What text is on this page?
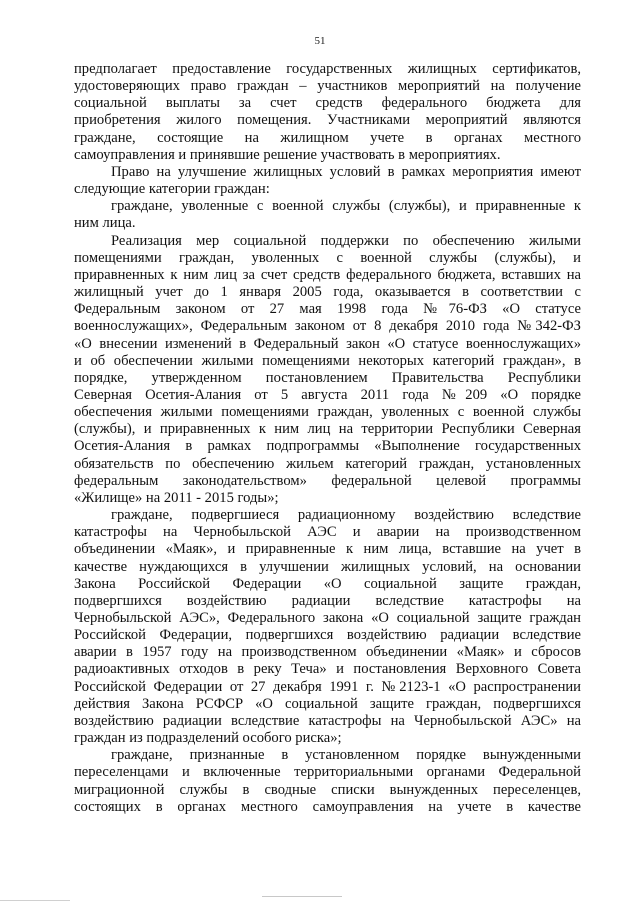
51

предполагает предоставление государственных жилищных сертификатов,
удостоверяющих право граждан – участников мероприятий на получение
социальной выплаты за счет средств федерального бюджета для
приобретения жилого помещения. Участниками мероприятий являются
граждане, состоящие на жилищном учете в органах местного
самоуправления и принявшие решение участвовать в мероприятиях.

Право на улучшение жилищных условий в рамках мероприятия имеют
следующие категории граждан:

граждане, уволенные с военной службы (службы), и приравненные к
ним лица.

Реализация мер социальной поддержки по обеспечению жилыми
помещениями граждан, уволенных с военной службы (службы), и
приравненных к ним лиц за счет средств федерального бюджета, вставших на
жилищный учет до 1 января 2005 года, оказывается в соответствии с
Федеральным законом от 27 мая 1998 года №76-ФЗ «О статусе
военнослужащих», Федеральным законом от 8 декабря 2010 года №342-ФЗ
«О внесении изменений в Федеральный закон «О статусе военнослужащих»
и об обеспечении жилыми помещениями некоторых категорий граждан», в
порядке, утвержденном постановлением Правительства Республики
Северная Осетия-Алания от 5 августа 2011 года №209 «О порядке
обеспечения жилыми помещениями граждан, уволенных с военной службы
(службы), и приравненных к ним лиц на территории Республики Северная
Осетия-Алания в рамках подпрограммы «Выполнение государственных
обязательств по обеспечению жильем категорий граждан, установленных
федеральным законодательством» федеральной целевой программы
«Жилище» на 2011 - 2015 годы»;

граждане, подвергшиеся радиационному воздействию вследствие
катастрофы на Чернобыльской АЭС и аварии на производственном
объединении «Маяк», и приравненные к ним лица, вставшие на учет в
качестве нуждающихся в улучшении жилищных условий, на основании
Закона Российской Федерации «О социальной защите граждан,
подвергшихся воздействию радиации вследствие катастрофы на
Чернобыльской АЭС», Федерального закона «О социальной защите граждан
Российской Федерации, подвергшихся воздействию радиации вследствие
аварии в 1957 году на производственном объединении «Маяк» и сбросов
радиоактивных отходов в реку Теча» и постановления Верховного Совета
Российской Федерации от 27 декабря 1991 г. №2123-1 «О распространении
действия Закона РСФСР «О социальной защите граждан, подвергшихся
воздействию радиации вследствие катастрофы на Чернобыльской АЭС» на
граждан из подразделений особого риска»;

граждане, признанные в установленном порядке вынужденными
переселенцами и включенные территориальными органами Федеральной
миграционной службы в сводные списки вынужденных переселенцев,
состоящих в органах местного самоуправления на учете в качестве
